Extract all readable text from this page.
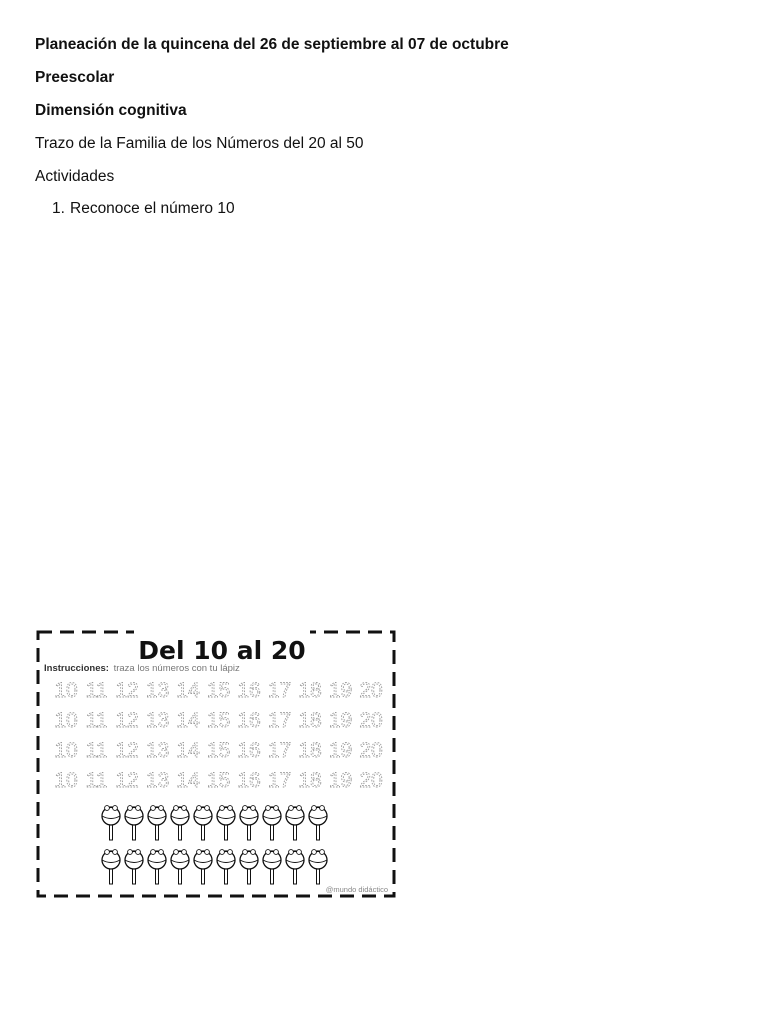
Planeación de la quincena del 26 de septiembre al 07 de octubre
Preescolar
Dimensión cognitiva
Trazo de la Familia de los Números del 20 al 50
Actividades
1. Reconoce el número 10
Del 10 al 20
Instrucciones: traza los números con tu lápiz
10 11 12 13 14 15 16 17 18 19 20
10 11 12 13 14 15 16 17 18 19 20
10 11 12 13 14 15 16 17 18 19 20
10 11 12 13 14 15 16 17 18 19 20
@mundo didáctico
